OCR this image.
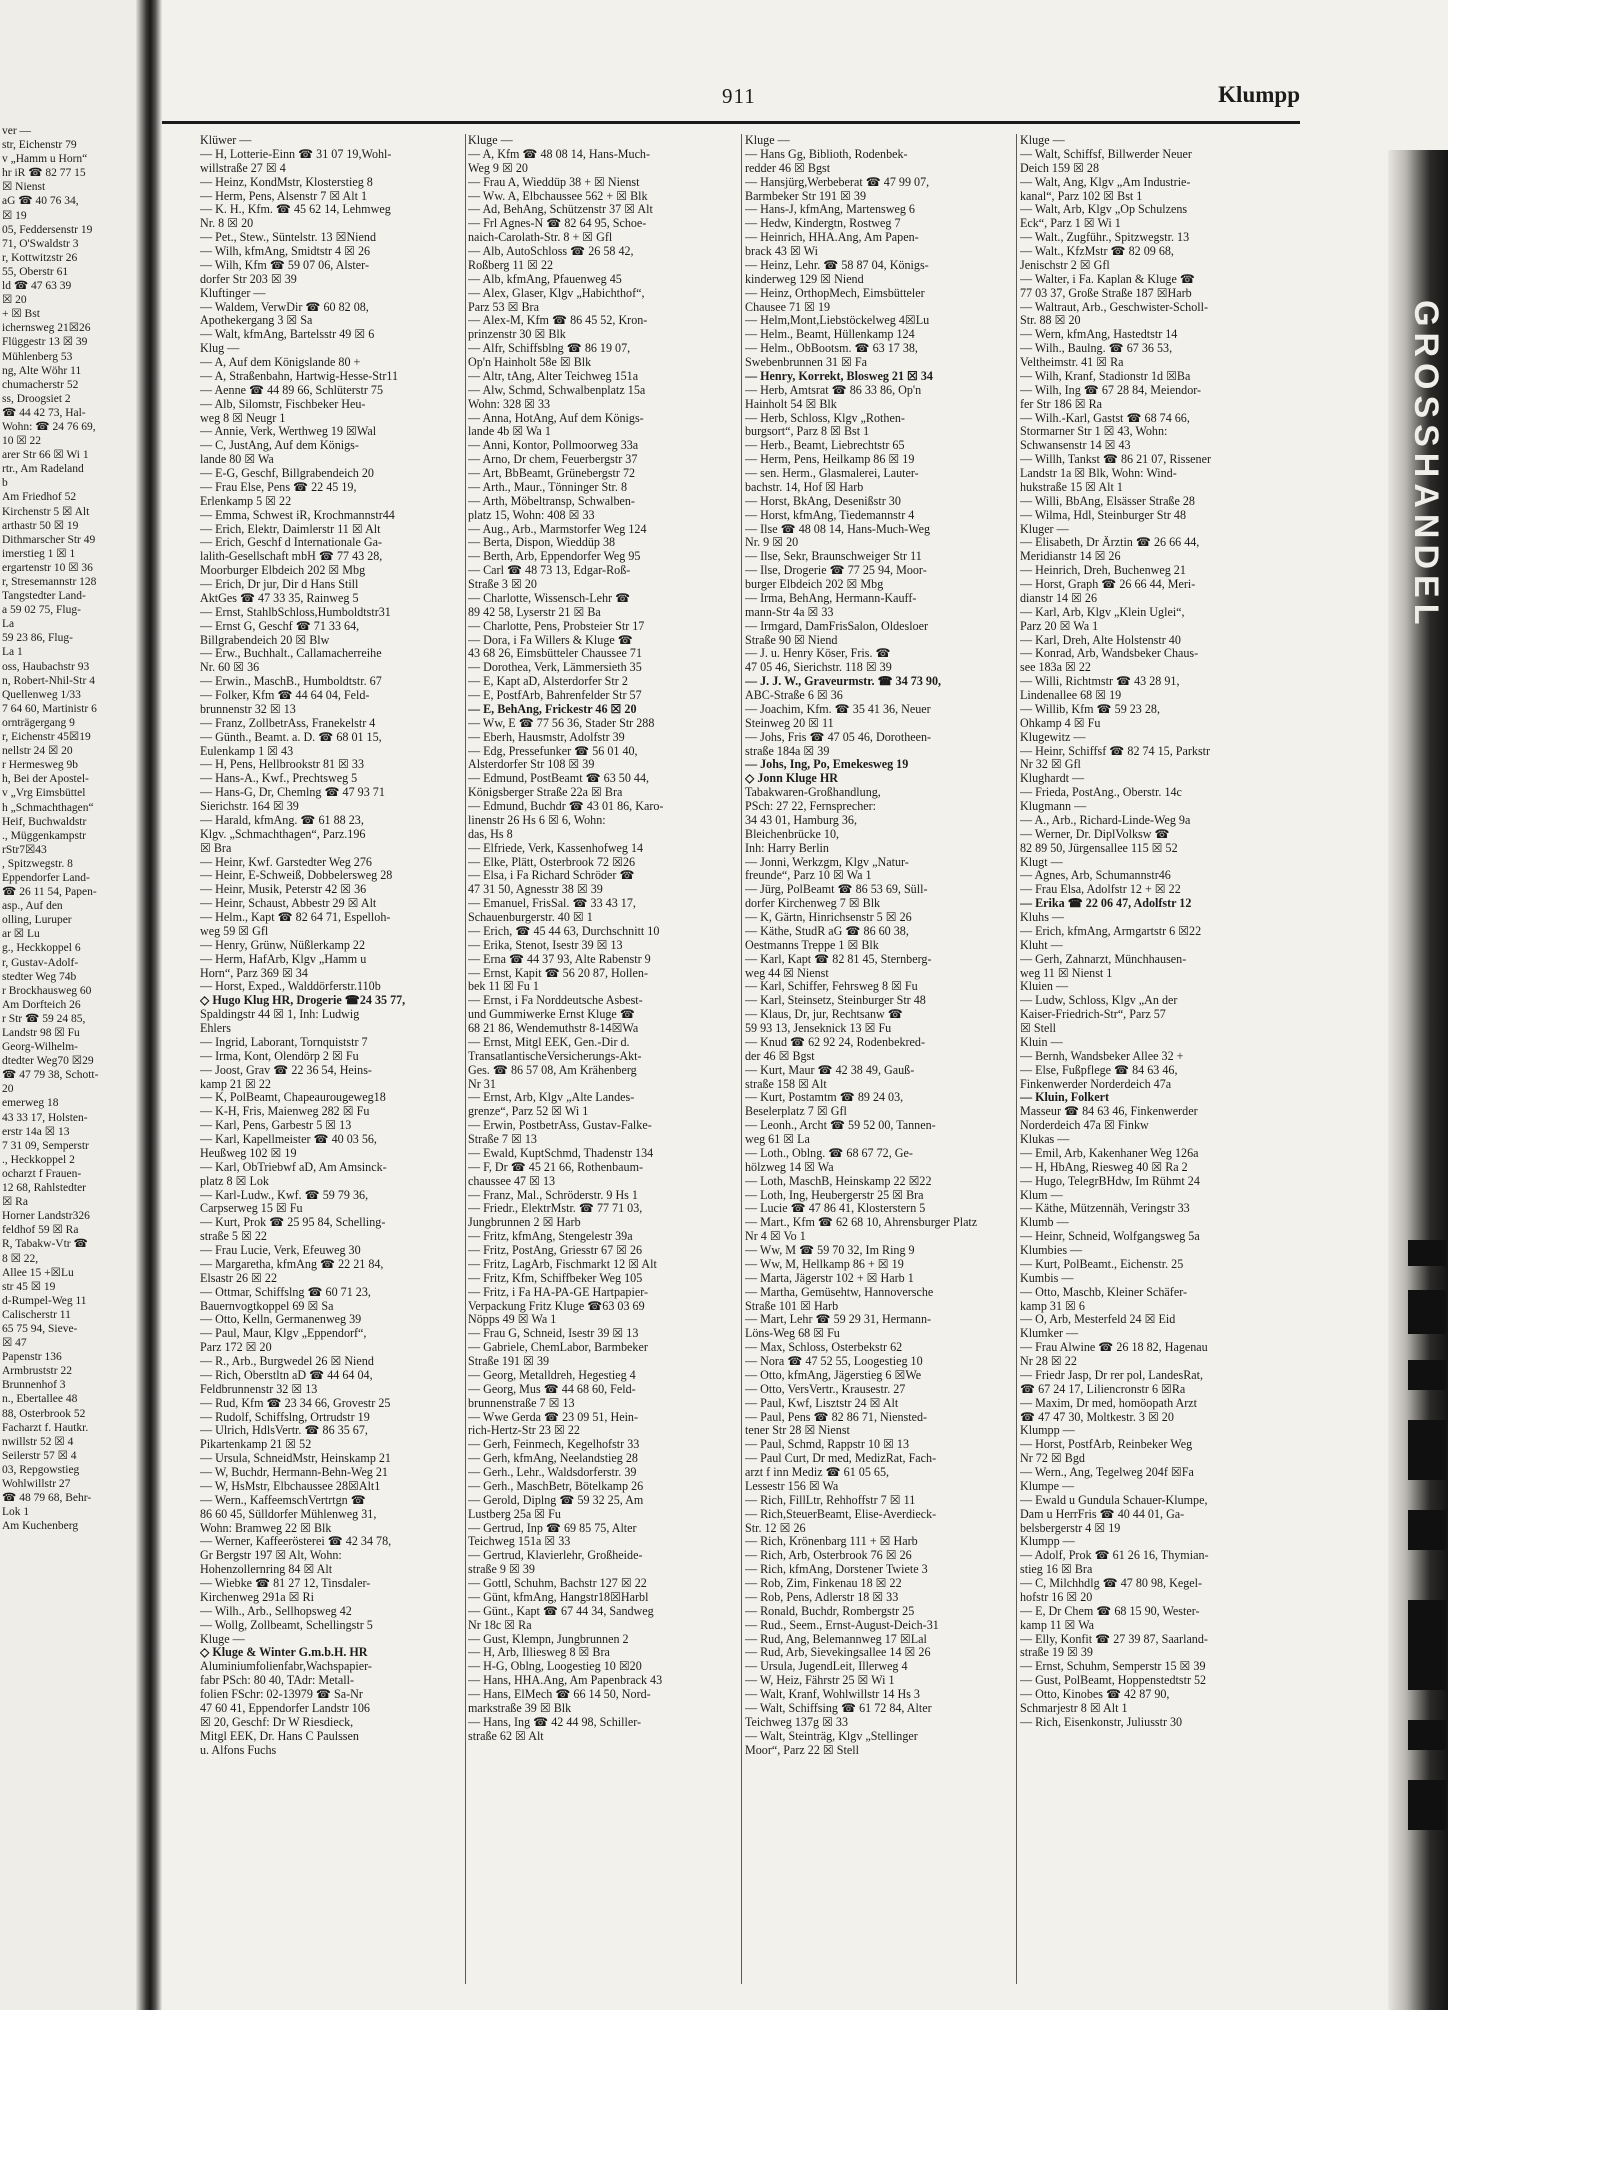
ver —
str, Eichenstr 79
v „Hamm u Horn“
hr iR ☎ 82 77 15
☒ Nienst
aG ☎ 40 76 34,
☒ 19
05, Feddersenstr 19
71, O'Swaldstr 3
r, Kottwitzstr 26
55, Oberstr 61
ld ☎ 47 63 39
☒ 20
+ ☒ Bst
ichernsweg 21☒26
Flüggestr 13 ☒ 39
Mühlenberg 53
ng, Alte Wöhr 11
chumacherstr 52
ss, Droogsiet 2
☎ 44 42 73, Hal-
Wohn: ☎ 24 76 69,
10 ☒ 22
arer Str 66 ☒ Wi 1
rtr., Am Radeland
b
Am Friedhof 52
Kirchenstr 5 ☒ Alt
arthastr 50 ☒ 19
Dithmarscher Str 49
imerstieg 1 ☒ 1
ergartenstr 10 ☒ 36
r, Stresemannstr 128
Tangstedter Land-
a 59 02 75, Flug-
La
59 23 86, Flug-
La 1
oss, Haubachstr 93
n, Robert-Nhil-Str 4
Quellenweg 1/33
7 64 60, Martinistr 6
ornträgergang 9
r, Eichenstr 45☒19
nellstr 24 ☒ 20
r Hermesweg 9b
h, Bei der Apostel-
v „Vrg Eimsbüttel
h „Schmachthagen“
Heif, Buchwaldstr
., Müggenkampstr
rStr7☒43
, Spitzwegstr. 8
Eppendorfer Land-
☎ 26 11 54, Papen-
asp., Auf den
olling, Luruper
ar ☒ Lu
g., Heckkoppel 6
r, Gustav-Adolf-
stedter Weg 74b
r Brockhausweg 60
Am Dorfteich 26
r Str ☎ 59 24 85,
Landstr 98 ☒ Fu
Georg-Wilhelm-
dtedter Weg70 ☒29
☎ 47 79 38, Schott-
20
emerweg 18
43 33 17, Holsten-
erstr 14a ☒ 13
7 31 09, Semperstr
., Heckkoppel 2
ocharzt f Frauen-
12 68, Rahlstedter
☒ Ra
Horner Landstr326
feldhof 59 ☒ Ra
R, Tabakw-Vtr ☎
8 ☒ 22,
Allee 15 +☒Lu
str 45 ☒ 19
d-Rumpel-Weg 11
Calischerstr 11
65 75 94, Sieve-
☒ 47
Papenstr 136
Armbruststr 22
Brunnenhof 3
n., Ebertallee 48
88, Osterbrook 52
Facharzt f. Hautkr.
nwillstr 52 ☒ 4
Seilerstr 57 ☒ 4
03, Repgowstieg
Wohlwillstr 27
☎ 48 79 68, Behr-
Lok 1
Am Kuchenberg
911	Klumpp
Klüwer —
— H, Lotterie-Einn ☎ 31 07 19,Wohl-
willstraße 27 ☒ 4
— Heinz, KondMstr, Klosterstieg 8
— Herm, Pens, Alsenstr 7 ☒ Alt 1
— K. H., Kfm. ☎ 45 62 14, Lehmweg
Nr. 8 ☒ 20
— Pet., Stew., Süntelstr. 13 ☒Niend
— Wilh, kfmAng, Smidtstr 4 ☒ 26
— Wilh, Kfm ☎ 59 07 06, Alster-
dorfer Str 203 ☒ 39
Kluftinger —
— Waldem, VerwDir ☎ 60 82 08,
Apothekergang 3 ☒ Sa
— Walt, kfmAng, Bartelsstr 49 ☒ 6
Klug —
— A, Auf dem Königslande 80 +
— A, Straßenbahn, Hartwig-Hesse-Str11
— Aenne ☎ 44 89 66, Schlüterstr 75
— Alb, Silomstr, Fischbeker Heu-
weg 8 ☒ Neugr 1
— Annie, Verk, Werthweg 19 ☒Wal
— C, JustAng, Auf dem Königs-
lande 80 ☒ Wa
— E-G, Geschf, Billgrabendeich 20
— Frau Else, Pens ☎ 22 45 19,
Erlenkamp 5 ☒ 22
— Emma, Schwest iR, Krochmannstr44
— Erich, Elektr, Daimlerstr 11 ☒ Alt
— Erich, Geschf d Internationale Ga-
lalith-Gesellschaft mbH ☎ 77 43 28,
Moorburger Elbdeich 202 ☒ Mbg
— Erich, Dr jur, Dir d Hans Still
AktGes ☎ 47 33 35, Rainweg 5
— Ernst, StahlbSchloss,Humboldtstr31
— Ernst G, Geschf ☎ 71 33 64,
Billgrabendeich 20 ☒ Blw
— Erw., Buchhalt., Callamacherreihe
Nr. 60 ☒ 36
— Erwin., MaschB., Humboldtstr. 67
— Folker, Kfm ☎ 44 64 04, Feld-
brunnenstr 32 ☒ 13
— Franz, ZollbetrAss, Franekelstr 4
— Günth., Beamt. a. D. ☎ 68 01 15,
Eulenkamp 1 ☒ 43
— H, Pens, Hellbrookstr 81 ☒ 33
— Hans-A., Kwf., Prechtsweg 5
— Hans-G, Dr, Chemlng ☎ 47 93 71
Sierichstr. 164 ☒ 39
— Harald, kfmAng. ☎ 61 88 23,
Klgv. „Schmachthagen“, Parz.196
☒ Bra
— Heinr, Kwf. Garstedter Weg 276
— Heinr, E-Schweiß, Dobbelersweg 28
— Heinr, Musik, Peterstr 42 ☒ 36
— Heinr, Schaust, Abbestr 29 ☒ Alt
— Helm., Kapt ☎ 82 64 71, Espelloh-
weg 59 ☒ Gfl
— Henry, Grünw, Nüßlerkamp 22
— Herm, HafArb, Klgv „Hamm u
Horn“, Parz 369 ☒ 34
— Horst, Exped., Walddörferstr.110b
◇ Hugo Klug HR, Drogerie ☎24 35 77,
Spaldingstr 44 ☒ 1, Inh: Ludwig
Ehlers
— Ingrid, Laborant, Tornquiststr 7
— Irma, Kont, Olendörp 2 ☒ Fu
— Joost, Grav ☎ 22 36 54, Heins-
kamp 21 ☒ 22
— K, PolBeamt, Chapeaurougeweg18
— K-H, Fris, Maienweg 282 ☒ Fu
— Karl, Pens, Garbestr 5 ☒ 13
— Karl, Kapellmeister ☎ 40 03 56,
Heußweg 102 ☒ 19
— Karl, ObTriebwf aD, Am Amsinck-
platz 8 ☒ Lok
— Karl-Ludw., Kwf. ☎ 59 79 36,
Carpserweg 15 ☒ Fu
— Kurt, Prok ☎ 25 95 84, Schelling-
straße 5 ☒ 22
— Frau Lucie, Verk, Efeuweg 30
— Margaretha, kfmAng ☎ 22 21 84,
Elsastr 26 ☒ 22
— Ottmar, Schiffslng ☎ 60 71 23,
Bauernvogtkoppel 69 ☒ Sa
— Otto, Kelln, Germanenweg 39
— Paul, Maur, Klgv „Eppendorf“,
Parz 172 ☒ 20
— R., Arb., Burgwedel 26 ☒ Niend
— Rich, Oberstltn aD ☎ 44 64 04,
Feldbrunnenstr 32 ☒ 13
— Rud, Kfm ☎ 23 34 66, Grovestr 25
— Rudolf, Schiffslng, Ortrudstr 19
— Ulrich, HdlsVertr. ☎ 86 35 67,
Pikartenkamp 21 ☒ 52
— Ursula, SchneidMstr, Heinskamp 21
— W, Buchdr, Hermann-Behn-Weg 21
— W, HsMstr, Elbchaussee 28☒Alt1
— Wern., KaffeemschVertrtgn ☎
86 60 45, Sülldorfer Mühlenweg 31,
Wohn: Bramweg 22 ☒ Blk
— Werner, Kaffeerösterei ☎ 42 34 78,
Gr Bergstr 197 ☒ Alt, Wohn:
Hohenzollernring 84 ☒ Alt
— Wiebke ☎ 81 27 12, Tinsdaler-
Kirchenweg 291a ☒ Ri
— Wilh., Arb., Sellhopsweg 42
— Wollg, Zollbeamt, Schellingstr 5
Kluge —
◇ Kluge & Winter G.m.b.H. HR
Aluminiumfolienfabr,Wachspapier-
fabr PSch: 80 40, TAdr: Metall-
folien FSchr: 02-13979 ☎ Sa-Nr
47 60 41, Eppendorfer Landstr 106
☒ 20, Geschf: Dr W Riesdieck,
Mitgl EEK, Dr. Hans C Paulssen
u. Alfons Fuchs
Kluge —
— A, Kfm ☎ 48 08 14, Hans-Much-
Weg 9 ☒ 20
— Frau A, Wieddüp 38 + ☒ Nienst
— Ww. A, Elbchaussee 562 + ☒ Blk
— Ad, BehAng, Schützenstr 37 ☒ Alt
— Frl Agnes-N ☎ 82 64 95, Schoe-
naich-Carolath-Str. 8 + ☒ Gfl
— Alb, AutoSchloss ☎ 26 58 42,
Roßberg 11 ☒ 22
— Alb, kfmAng, Pfauenweg 45
— Alex, Glaser, Klgv „Habichthof“,
Parz 53 ☒ Bra
— Alex-M, Kfm ☎ 86 45 52, Kron-
prinzenstr 30 ☒ Blk
— Alfr, Schiffsblng ☎ 86 19 07,
Op'n Hainholt 58e ☒ Blk
— Altr, tAng, Alter Teichweg 151a
— Alw, Schmd, Schwalbenplatz 15a
Wohn: 328 ☒ 33
— Anna, HotAng, Auf dem Königs-
lande 4b ☒ Wa 1
— Anni, Kontor, Pollmoorweg 33a
— Arno, Dr chem, Feuerbergstr 37
— Art, BbBeamt, Grünebergstr 72
— Arth., Maur., Tönninger Str. 8
— Arth, Möbeltransp, Schwalben-
platz 15, Wohn: 408 ☒ 33
— Aug., Arb., Marmstorfer Weg 124
— Berta, Dispon, Wieddüp 38
— Berth, Arb, Eppendorfer Weg 95
— Carl ☎ 48 73 13, Edgar-Roß-
Straße 3 ☒ 20
— Charlotte, Wissensch-Lehr ☎
89 42 58, Lyserstr 21 ☒ Ba
— Charlotte, Pens, Probsteier Str 17
— Dora, i Fa Willers & Kluge ☎
43 68 26, Eimsbütteler Chaussee 71
— Dorothea, Verk, Lämmersieth 35
— E, Kapt aD, Alsterdorfer Str 2
— E, PostfArb, Bahrenfelder Str 57
— E, BehAng, Frickestr 46 ☒ 20
— Ww, E ☎ 77 56 36, Stader Str 288
— Eberh, Hausmstr, Adolfstr 39
— Edg, Pressefunker ☎ 56 01 40,
Alsterdorfer Str 108 ☒ 39
— Edmund, PostBeamt ☎ 63 50 44,
Königsberger Straße 22a ☒ Bra
— Edmund, Buchdr ☎ 43 01 86, Karo-
linenstr 26 Hs 6 ☒ 6, Wohn:
das, Hs 8
— Elfriede, Verk, Kassenhofweg 14
— Elke, Plätt, Osterbrook 72 ☒26
— Elsa, i Fa Richard Schröder ☎
47 31 50, Agnesstr 38 ☒ 39
— Emanuel, FrisSal. ☎ 33 43 17,
Schauenburgerstr. 40 ☒ 1
— Erich, ☎ 45 44 63, Durchschnitt 10
— Erika, Stenot, Isestr 39 ☒ 13
— Erna ☎ 44 37 93, Alte Rabenstr 9
— Ernst, Kapit ☎ 56 20 87, Hollen-
bek 11 ☒ Fu 1
— Ernst, i Fa Norddeutsche Asbest-
und Gummiwerke Ernst Kluge ☎
68 21 86, Wendemuthstr 8-14☒Wa
— Ernst, Mitgl EEK, Gen.-Dir d.
TransatlantischeVersicherungs-Akt-
Ges. ☎ 86 57 08, Am Krähenberg
Nr 31
— Ernst, Arb, Klgv „Alte Landes-
grenze“, Parz 52 ☒ Wi 1
— Erwin, PostbetrAss, Gustav-Falke-
Straße 7 ☒ 13
— Ewald, KuptSchmd, Thadenstr 134
— F, Dr ☎ 45 21 66, Rothenbaum-
chaussee 47 ☒ 13
— Franz, Mal., Schröderstr. 9 Hs 1
— Friedr., ElektrMstr. ☎ 77 71 03,
Jungbrunnen 2 ☒ Harb
— Fritz, kfmAng, Stengelestr 39a
— Fritz, PostAng, Griesstr 67 ☒ 26
— Fritz, LagArb, Fischmarkt 12 ☒ Alt
— Fritz, Kfm, Schiffbeker Weg 105
— Fritz, i Fa HA-PA-GE Hartpapier-
Verpackung Fritz Kluge ☎63 03 69
Nöpps 49 ☒ Wa 1
— Frau G, Schneid, Isestr 39 ☒ 13
— Gabriele, ChemLabor, Barmbeker
Straße 191 ☒ 39
— Georg, Metalldreh, Hegestieg 4
— Georg, Mus ☎ 44 68 60, Feld-
brunnenstraße 7 ☒ 13
— Wwe Gerda ☎ 23 09 51, Hein-
rich-Hertz-Str 23 ☒ 22
— Gerh, Feinmech, Kegelhofstr 33
— Gerh, kfmAng, Neelandstieg 28
— Gerh., Lehr., Waldsdorferstr. 39
— Gerh., MaschBetr, Bötelkamp 26
— Gerold, Diplng ☎ 59 32 25, Am
Lustberg 25a ☒ Fu
— Gertrud, Inp ☎ 69 85 75, Alter
Teichweg 151a ☒ 33
— Gertrud, Klavierlehr, Großheide-
straße 9 ☒ 39
— Gottl, Schuhm, Bachstr 127 ☒ 22
— Günt, kfmAng, Hangstr18☒Harbl
— Günt., Kapt ☎ 67 44 34, Sandweg
Nr 18c ☒ Ra
— Gust, Klempn, Jungbrunnen 2
— H, Arb, Illiesweg 8 ☒ Bra
— H-G, Oblng, Loogestieg 10 ☒20
— Hans, HHA.Ang, Am Papenbrack 43
— Hans, ElMech ☎ 66 14 50, Nord-
markstraße 39 ☒ Blk
— Hans, Ing ☎ 42 44 98, Schiller-
straße 62 ☒ Alt
Kluge —
— Hans Gg, Biblioth, Rodenbek-
redder 46 ☒ Bgst
— Hansjürg,Werbeberat ☎ 47 99 07,
Barmbeker Str 191 ☒ 39
— Hans-J, kfmAng, Martensweg 6
— Hedw, Kindergtn, Rostweg 7
— Heinrich, HHA.Ang, Am Papen-
brack 43 ☒ Wi
— Heinz, Lehr. ☎ 58 87 04, Königs-
kinderweg 129 ☒ Niend
— Heinz, OrthopMech, Eimsbütteler
Chausee 71 ☒ 19
— Helm,Mont,Liebstöckelweg 4☒Lu
— Helm., Beamt, Hüllenkamp 124
— Helm., ObBootsm. ☎ 63 17 38,
Swebenbrunnen 31 ☒ Fa
— Henry, Korrekt, Blosweg 21 ☒ 34
— Herb, Amtsrat ☎ 86 33 86, Op'n
Hainholt 54 ☒ Blk
— Herb, Schloss, Klgv „Rothen-
burgsort“, Parz 8 ☒ Bst 1
— Herb., Beamt, Liebrechtstr 65
— Herm, Pens, Heilkamp 86 ☒ 19
— sen. Herm., Glasmalerei, Lauter-
bachstr. 14, Hof ☒ Harb
— Horst, BkAng, Desenißstr 30
— Horst, kfmAng, Tiedemannstr 4
— Ilse ☎ 48 08 14, Hans-Much-Weg
Nr. 9 ☒ 20
— Ilse, Sekr, Braunschweiger Str 11
— Ilse, Drogerie ☎ 77 25 94, Moor-
burger Elbdeich 202 ☒ Mbg
— Irma, BehAng, Hermann-Kauff-
mann-Str 4a ☒ 33
— Irmgard, DamFrisSalon, Oldesloer
Straße 90 ☒ Niend
— J. u. Henry Köser, Fris. ☎
47 05 46, Sierichstr. 118 ☒ 39
— J. J. W., Graveurmstr. ☎ 34 73 90,
ABC-Straße 6 ☒ 36
— Joachim, Kfm. ☎ 35 41 36, Neuer
Steinweg 20 ☒ 11
— Johs, Fris ☎ 47 05 46, Dorotheen-
straße 184a ☒ 39
— Johs, Ing, Po, Emekesweg 19
◇ Jonn Kluge HR
Tabakwaren-Großhandlung,
PSch: 27 22, Fernsprecher:
34 43 01, Hamburg 36,
Bleichenbrücke 10,
Inh: Harry Berlin
— Jonni, Werkzgm, Klgv „Natur-
freunde“, Parz 10 ☒ Wa 1
— Jürg, PolBeamt ☎ 86 53 69, Süll-
dorfer Kirchenweg 7 ☒ Blk
— K, Gärtn, Hinrichsenstr 5 ☒ 26
— Käthe, StudR aG ☎ 86 60 38,
Oestmanns Treppe 1 ☒ Blk
— Karl, Kapt ☎ 82 81 45, Sternberg-
weg 44 ☒ Nienst
— Karl, Schiffer, Fehrsweg 8 ☒ Fu
— Karl, Steinsetz, Steinburger Str 48
— Klaus, Dr, jur, Rechtsanw ☎
59 93 13, Jenseknick 13 ☒ Fu
— Knud ☎ 62 92 24, Rodenbekred-
der 46 ☒ Bgst
— Kurt, Maur ☎ 42 38 49, Gauß-
straße 158 ☒ Alt
— Kurt, Postamtm ☎ 89 24 03,
Beselerplatz 7 ☒ Gfl
— Leonh., Archt ☎ 59 52 00, Tannen-
weg 61 ☒ La
— Loth., Oblng. ☎ 68 67 72, Ge-
hölzweg 14 ☒ Wa
— Loth, MaschB, Heinskamp 22 ☒22
— Loth, Ing, Heubergerstr 25 ☒ Bra
— Lucie ☎ 47 86 41, Klosterstern 5
— Mart., Kfm ☎ 62 68 10, Ahrensburger Platz
Nr 4 ☒ Vo 1
— Ww, M ☎ 59 70 32, Im Ring 9
— Ww, M, Hellkamp 86 + ☒ 19
— Marta, Jägerstr 102 + ☒ Harb 1
— Martha, Gemüsehtw, Hannoversche
Straße 101 ☒ Harb
— Mart, Lehr ☎ 59 29 31, Hermann-
Löns-Weg 68 ☒ Fu
— Max, Schloss, Osterbekstr 62
— Nora ☎ 47 52 55, Loogestieg 10
— Otto, kfmAng, Jägerstieg 6 ☒We
— Otto, VersVertr., Krausestr. 27
— Paul, Kwf, Lisztstr 24 ☒ Alt
— Paul, Pens ☎ 82 86 71, Niensted-
tener Str 28 ☒ Nienst
— Paul, Schmd, Rappstr 10 ☒ 13
— Paul Curt, Dr med, MedizRat, Fach-
arzt f inn Mediz ☎ 61 05 65,
Lessestr 156 ☒ Wa
— Rich, FillLtr, Rehhoffstr 7 ☒ 11
— Rich,SteuerBeamt, Elise-Averdieck-
Str. 12 ☒ 26
— Rich, Krönenbarg 111 + ☒ Harb
— Rich, Arb, Osterbrook 76 ☒ 26
— Rich, kfmAng, Dorstener Twiete 3
— Rob, Zim, Finkenau 18 ☒ 22
— Rob, Pens, Adlerstr 18 ☒ 33
— Ronald, Buchdr, Rombergstr 25
— Rud., Seem., Ernst-August-Deich-31
— Rud, Ang, Belemannweg 17 ☒Lal
— Rud, Arb, Sievekingsallee 14 ☒ 26
— Ursula, JugendLeit, Illerweg 4
— W, Heiz, Fährstr 25 ☒ Wi 1
— Walt, Kranf, Wohlwillstr 14 Hs 3
— Walt, Schiffsing ☎ 61 72 84, Alter
Teichweg 137g ☒ 33
— Walt, Steinträg, Klgv „Stellinger
Moor“, Parz 22 ☒ Stell
Kluge —
— Walt, Schiffsf, Billwerder Neuer
Deich 159 ☒ 28
— Walt, Ang, Klgv „Am Industrie-
kanal“, Parz 102 ☒ Bst 1
— Walt, Arb, Klgv „Op Schulzens
Eck“, Parz 1 ☒ Wi 1
— Walt., Zugführ., Spitzwegstr. 13
— Walt., KfzMstr ☎ 82 09 68,
Jenischstr 2 ☒ Gfl
— Walter, i Fa. Kaplan & Kluge ☎
77 03 37, Große Straße 187 ☒Harb
— Waltraut, Arb., Geschwister-Scholl-
Str. 88 ☒ 20
— Wern, kfmAng, Hastedtstr 14
— Wilh., Baulng. ☎ 67 36 53,
Veltheimstr. 41 ☒ Ra
— Wilh, Kranf, Stadionstr 1d ☒Ba
— Wilh, Ing ☎ 67 28 84, Meiendor-
fer Str 186 ☒ Ra
— Wilh.-Karl, Gastst ☎ 68 74 66,
Stormarner Str 1 ☒ 43, Wohn:
Schwansenstr 14 ☒ 43
— Willh, Tankst ☎ 86 21 07, Rissener
Landstr 1a ☒ Blk, Wohn: Wind-
hukstraße 15 ☒ Alt 1
— Willi, BbAng, Elsässer Straße 28
— Wilma, Hdl, Steinburger Str 48
Kluger —
— Elisabeth, Dr Ärztin ☎ 26 66 44,
Meridianstr 14 ☒ 26
— Heinrich, Dreh, Buchenweg 21
— Horst, Graph ☎ 26 66 44, Meri-
dianstr 14 ☒ 26
— Karl, Arb, Klgv „Klein Uglei“,
Parz 20 ☒ Wa 1
— Karl, Dreh, Alte Holstenstr 40
— Konrad, Arb, Wandsbeker Chaus-
see 183a ☒ 22
— Willi, Richtmstr ☎ 43 28 91,
Lindenallee 68 ☒ 19
— Willib, Kfm ☎ 59 23 28,
Ohkamp 4 ☒ Fu
Klugewitz —
— Heinr, Schiffsf ☎ 82 74 15, Parkstr
Nr 32 ☒ Gfl
Klughardt —
— Frieda, PostAng., Oberstr. 14c
Klugmann —
— A., Arb., Richard-Linde-Weg 9a
— Werner, Dr. DiplVolksw ☎
82 89 50, Jürgensallee 115 ☒ 52
Klugt —
— Agnes, Arb, Schumannstr46
— Frau Elsa, Adolfstr 12 + ☒ 22
— Erika ☎ 22 06 47, Adolfstr 12
Kluhs —
— Erich, kfmAng, Armgartstr 6 ☒22
Kluht —
— Gerh, Zahnarzt, Münchhausen-
weg 11 ☒ Nienst 1
Kluien —
— Ludw, Schloss, Klgv „An der
Kaiser-Friedrich-Str“, Parz 57
☒ Stell
Kluin —
— Bernh, Wandsbeker Allee 32 +
— Else, Fußpflege ☎ 84 63 46,
Finkenwerder Norderdeich 47a
— Kluin, Folkert
Masseur ☎ 84 63 46, Finkenwerder
Norderdeich 47a ☒ Finkw
Klukas —
— Emil, Arb, Kakenhaner Weg 126a
— H, HbAng, Riesweg 40 ☒ Ra 2
— Hugo, TelegrBHdw, Im Rühmt 24
Klum —
— Käthe, Mützennäh, Veringstr 33
Klumb —
— Heinr, Schneid, Wolfgangsweg 5a
Klumbies —
— Kurt, PolBeamt., Eichenstr. 25
Kumbis —
— Otto, Maschb, Kleiner Schäfer-
kamp 31 ☒ 6
— O, Arb, Mesterfeld 24 ☒ Eid
Klumker —
— Frau Alwine ☎ 26 18 82, Hagenau
Nr 28 ☒ 22
— Friedr Jasp, Dr rer pol, LandesRat,
☎ 67 24 17, Liliencronstr 6 ☒Ra
— Maxim, Dr med, homöopath Arzt
☎ 47 47 30, Moltkestr. 3 ☒ 20
Klumpp —
— Horst, PostfArb, Reinbeker Weg
Nr 72 ☒ Bgd
— Wern., Ang, Tegelweg 204f ☒Fa
Klumpe —
— Ewald u Gundula Schauer-Klumpe,
Dam u HerrFris ☎ 40 44 01, Ga-
belsbergerstr 4 ☒ 19
Klumpp —
— Adolf, Prok ☎ 61 26 16, Thymian-
stieg 16 ☒ Bra
— C, Milchhdlg ☎ 47 80 98, Kegel-
hofstr 16 ☒ 20
— E, Dr Chem ☎ 68 15 90, Wester-
kamp 11 ☒ Wa
— Elly, Konfit ☎ 27 39 87, Saarland-
straße 19 ☒ 39
— Ernst, Schuhm, Semperstr 15 ☒ 39
— Gust, PolBeamt, Hoppenstedtstr 52
— Otto, Kinobes ☎ 42 87 90,
Schmarjestr 8 ☒ Alt 1
— Rich, Eisenkonstr, Juliusstr 30
GROSSHANDEL
